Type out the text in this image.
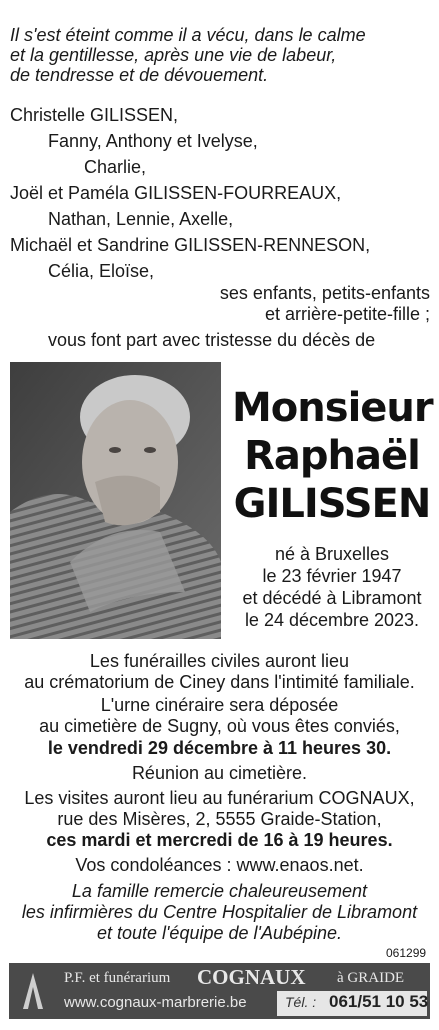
Il s'est éteint comme il a vécu, dans le calme
et la gentillesse, après une vie de labeur,
de tendresse et de dévouement.
Christelle GILISSEN,
Fanny, Anthony et Ivelyse,
Charlie,
Joël et Paméla GILISSEN-FOURREAUX,
Nathan, Lennie, Axelle,
Michaël et Sandrine GILISSEN-RENNESON,
Célia, Eloïse,
ses enfants, petits-enfants
et arrière-petite-fille ;
vous font part avec tristesse du décès de
Monsieur
Raphaël
GILISSEN
né à Bruxelles
le 23 février 1947
et décédé à Libramont
le 24 décembre 2023.
Les funérailles civiles auront lieu
au crématorium de Ciney dans l'intimité familiale.
L'urne cinéraire sera déposée
au cimetière de Sugny, où vous êtes conviés,
le vendredi 29 décembre à 11 heures 30.
Réunion au cimetière.
Les visites auront lieu au funérarium COGNAUX,
rue des Misères, 2, 5555 Graide-Station,
ces mardi et mercredi de 16 à 19 heures.
Vos condoléances : www.enaos.net.
La famille remercie chaleureusement
les infirmières du Centre Hospitalier de Libramont
et toute l'équipe de l'Aubépine.
061299
P.F. et funérarium COGNAUX à GRAIDE
www.cognaux-marbrerie.be	Tél. : 061/51 10 53
